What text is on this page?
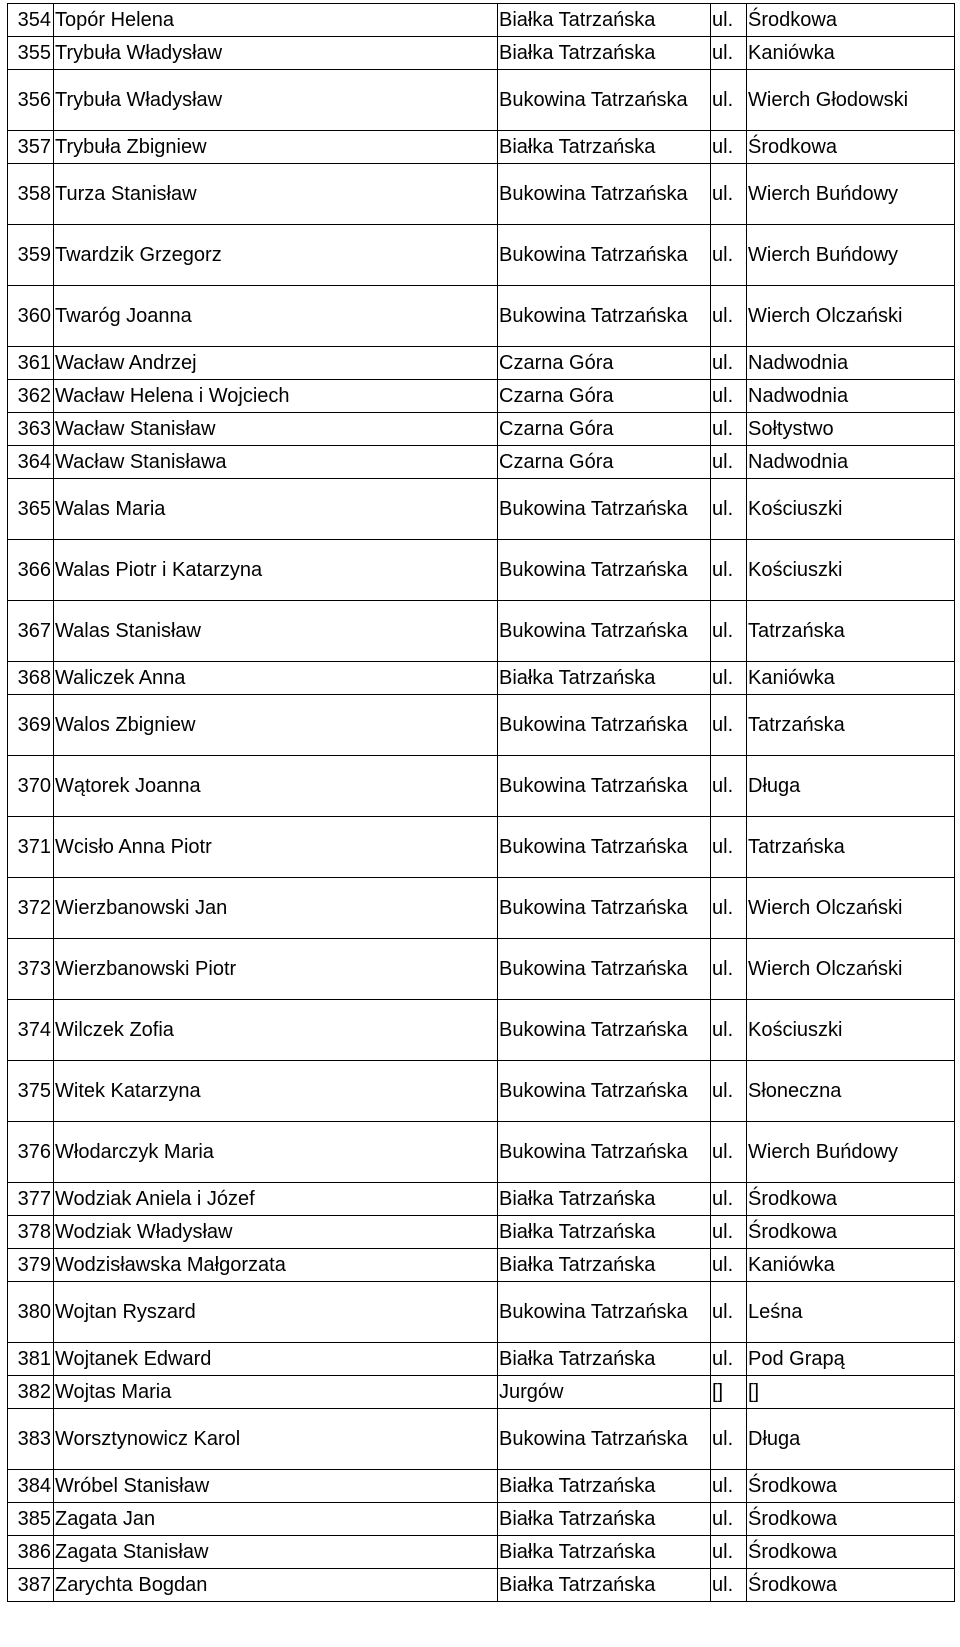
354	Topór Helena	Białka Tatrzańska	ul.	Środkowa
355	Trybuła Władysław	Białka Tatrzańska	ul.	Kaniówka
356	Trybuła Władysław	Bukowina Tatrzańska	ul.	Wierch Głodowski
357	Trybuła Zbigniew	Białka Tatrzańska	ul.	Środkowa
358	Turza Stanisław	Bukowina Tatrzańska	ul.	Wierch Buńdowy
359	Twardzik Grzegorz	Bukowina Tatrzańska	ul.	Wierch Buńdowy
360	Twaróg Joanna	Bukowina Tatrzańska	ul.	Wierch Olczański
361	Wacław Andrzej	Czarna Góra	ul.	Nadwodnia
362	Wacław Helena i Wojciech	Czarna Góra	ul.	Nadwodnia
363	Wacław Stanisław	Czarna Góra	ul.	Sołtystwo
364	Wacław Stanisława	Czarna Góra	ul.	Nadwodnia
365	Walas Maria	Bukowina Tatrzańska	ul.	Kościuszki
366	Walas Piotr i Katarzyna	Bukowina Tatrzańska	ul.	Kościuszki
367	Walas Stanisław	Bukowina Tatrzańska	ul.	Tatrzańska
368	Waliczek Anna	Białka Tatrzańska	ul.	Kaniówka
369	Walos Zbigniew	Bukowina Tatrzańska	ul.	Tatrzańska
370	Wątorek Joanna	Bukowina Tatrzańska	ul.	Długa
371	Wcisło Anna Piotr	Bukowina Tatrzańska	ul.	Tatrzańska
372	Wierzbanowski Jan	Bukowina Tatrzańska	ul.	Wierch Olczański
373	Wierzbanowski Piotr	Bukowina Tatrzańska	ul.	Wierch Olczański
374	Wilczek Zofia	Bukowina Tatrzańska	ul.	Kościuszki
375	Witek Katarzyna	Bukowina Tatrzańska	ul.	Słoneczna
376	Włodarczyk Maria	Bukowina Tatrzańska	ul.	Wierch Buńdowy
377	Wodziak Aniela i Józef	Białka Tatrzańska	ul.	Środkowa
378	Wodziak Władysław	Białka Tatrzańska	ul.	Środkowa
379	Wodzisławska Małgorzata	Białka Tatrzańska	ul.	Kaniówka
380	Wojtan Ryszard	Bukowina Tatrzańska	ul.	Leśna
381	Wojtanek Edward	Białka Tatrzańska	ul.	Pod Grapą
382	Wojtas Maria	Jurgów	[]	[]
383	Worsztynowicz Karol	Bukowina Tatrzańska	ul.	Długa
384	Wróbel Stanisław	Białka Tatrzańska	ul.	Środkowa
385	Zagata Jan	Białka Tatrzańska	ul.	Środkowa
386	Zagata Stanisław	Białka Tatrzańska	ul.	Środkowa
387	Zarychta Bogdan	Białka Tatrzańska	ul.	Środkowa
